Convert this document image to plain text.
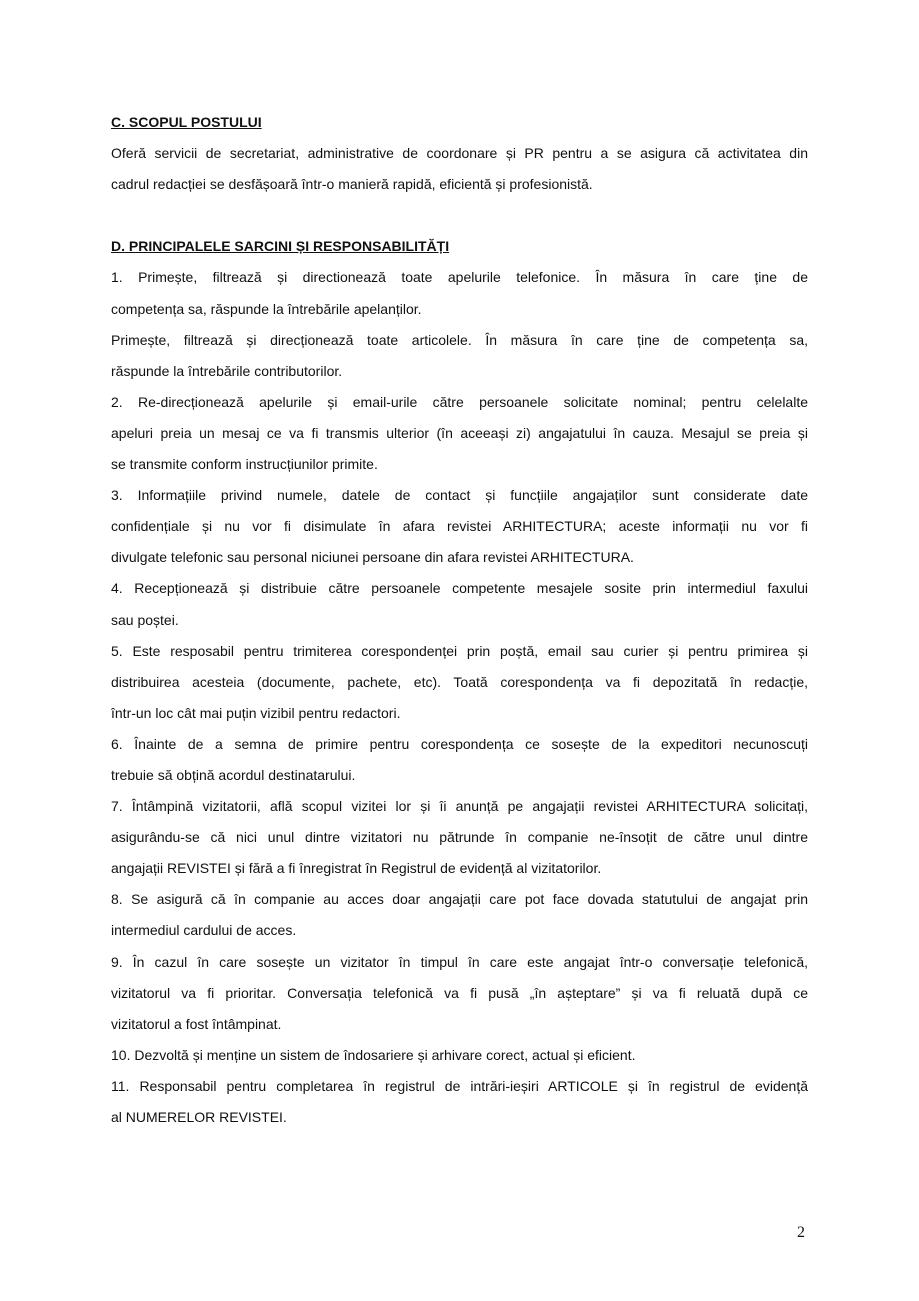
C. SCOPUL POSTULUI
Oferă servicii de secretariat, administrative de coordonare și PR pentru a se asigura că activitatea din
cadrul redacției se desfășoară într-o manieră rapidă, eficientă și profesionistă.
D. PRINCIPALELE SARCINI ȘI RESPONSABILITĂȚI
1. Primește, filtrează și directionează toate apelurile telefonice. În măsura în care ține de
competența sa, răspunde la întrebările apelanților.
Primește, filtrează și direcționează toate articolele. În măsura în care ține de competența sa,
răspunde la întrebările contributorilor.
2. Re-direcționează apelurile și email-urile către persoanele solicitate nominal; pentru celelalte
apeluri preia un mesaj ce va fi transmis ulterior (în aceeași zi) angajatului în cauza. Mesajul se preia și
se transmite conform instrucțiunilor primite.
3. Informațiile privind numele, datele de contact și funcțiile angajaților sunt considerate date
confidențiale și nu vor fi disimulate în afara revistei ARHITECTURA; aceste informații nu vor fi
divulgate telefonic sau personal niciunei persoane din afara revistei ARHITECTURA.
4. Recepționează și distribuie către persoanele competente mesajele sosite prin intermediul faxului
sau poștei.
5. Este resposabil pentru trimiterea corespondenței prin poștă, email sau curier și pentru primirea și
distribuirea acesteia (documente, pachete, etc). Toată corespondența va fi depozitată în redacție,
într-un loc cât mai puțin vizibil pentru redactori.
6. Înainte de a semna de primire pentru corespondența ce sosește de la expeditori necunoscuți
trebuie să obțină acordul destinatarului.
7. Întâmpină vizitatorii, află scopul vizitei lor și îi anunță pe angajații revistei ARHITECTURA solicitați,
asigurându-se că nici unul dintre vizitatori nu pătrunde în companie ne-însoțit de către unul dintre
angajații REVISTEI și fără a fi înregistrat în Registrul de evidență al vizitatorilor.
8. Se asigură că în companie au acces doar angajații care pot face dovada statutului de angajat prin
intermediul cardului de acces.
9. În cazul în care sosește un vizitator în timpul în care este angajat într-o conversație telefonică,
vizitatorul va fi prioritar. Conversația telefonică va fi pusă „în așteptare” și va fi reluată după ce
vizitatorul a fost întâmpinat.
10. Dezvoltă și menține un sistem de îndosariere și arhivare corect, actual și eficient.
11. Responsabil pentru completarea în registrul de intrări-ieșiri ARTICOLE și în registrul de evidență
al NUMERELOR REVISTEI.
2
